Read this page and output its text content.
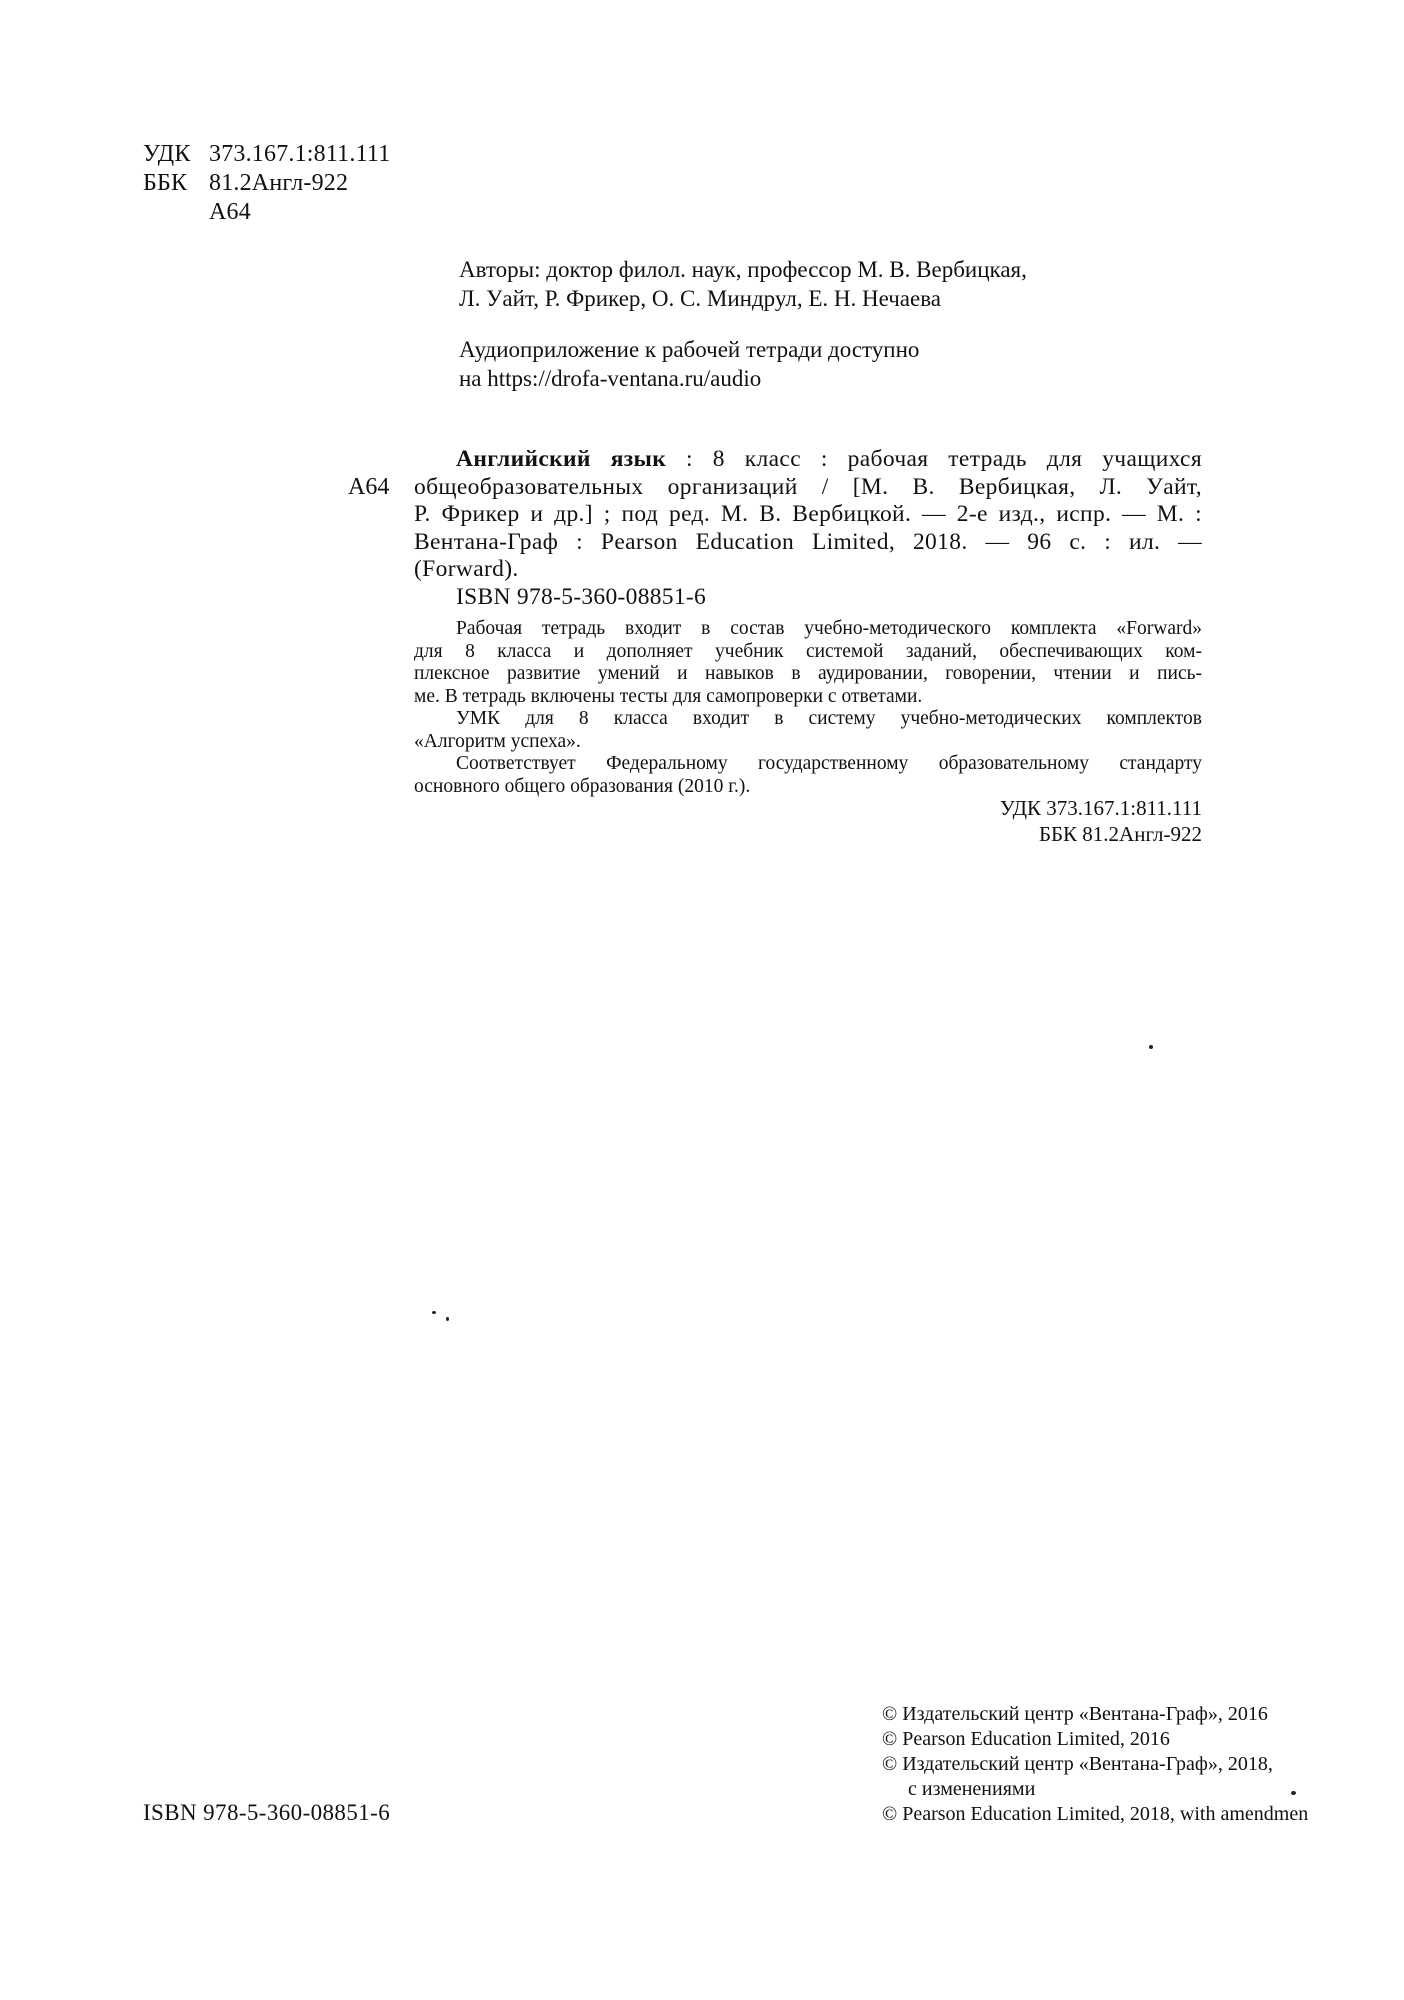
УДК 373.167.1:811.111
ББК 81.2Англ-922
А64
Авторы: доктор филол. наук, профессор М. В. Вербицкая,
Л. Уайт, Р. Фрикер, О. С. Миндрул, Е. Н. Нечаева
Аудиоприложение к рабочей тетради доступно
на https://drofa-ventana.ru/audio
А64
Английский язык : 8 класс : рабочая тетрадь для учащихся
общеобразовательных организаций / [М. В. Вербицкая, Л. Уайт,
Р. Фрикер и др.] ; под ред. М. В. Вербицкой. — 2-е изд., испр. — М. :
Вентана-Граф : Pearson Education Limited, 2018. — 96 с. : ил. —
(Forward).
ISBN 978-5-360-08851-6
Рабочая тетрадь входит в состав учебно-методического комплекта «Forward»
для 8 класса и дополняет учебник системой заданий, обеспечивающих ком-
плексное развитие умений и навыков в аудировании, говорении, чтении и пись-
ме. В тетрадь включены тесты для самопроверки с ответами.
УМК для 8 класса входит в систему учебно-методических комплектов
«Алгоритм успеха».
Соответствует Федеральному государственному образовательному стандарту
основного общего образования (2010 г.).
УДК 373.167.1:811.111
ББК 81.2Англ-922
ISBN 978-5-360-08851-6
© Издательский центр «Вентана-Граф», 2016
© Pearson Education Limited, 2016
© Издательский центр «Вентана-Граф», 2018,
с изменениями
© Pearson Education Limited, 2018, with amendmen
